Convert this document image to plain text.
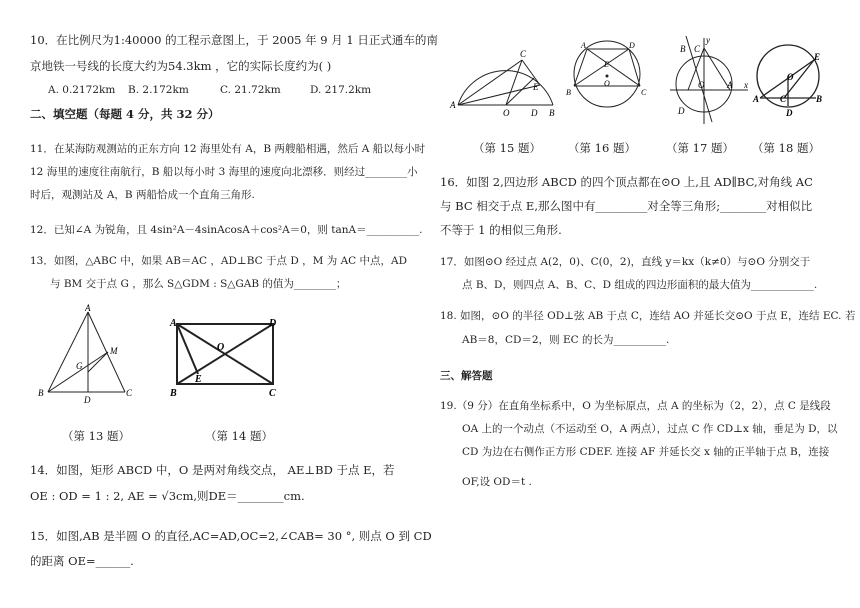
10．在比例尺为1:40000 的工程示意图上，于 2005 年 9 月 1 日正式通车的南
京地铁一号线的长度大约为54.3km ，它的实际长度约为( )
A. 0.2172km B. 2.172km	C. 21.72km	D. 217.2km
二、填空题（每题 4 分，共 32 分）
11．在某海防观测站的正东方向 12 海里处有 A，B 两艘船相遇，然后 A 船以每小时
12 海里的速度往南航行，B 船以每小时 3 海里的速度向北漂移．则经过________小
时后，观测站及 A，B 两船恰成一个直角三角形.
12．已知∠A 为锐角，且 4sin²A－4sinAcosA＋cos²A＝0，则 tanA＝__________.
13．如图，△ABC 中，如果 AB＝AC ，AD⊥BC 于点 D ，M 为 AC 中点，AD
与 BM 交于点 G ，那么 S△GDM : S△GAB 的值为________；
A
M
G
B
D
C
A	D
O
E
B	C
（第 13 题）	（第 14 题）
14．如图，矩形 ABCD 中，O 是两对角线交点， AE⊥BD 于点 E，若
OE : OD = 1 : 2, AE = √3cm,则DE＝________cm.
15．如图,AB 是半圆 O 的直径,AC=AD,OC=2,∠CAB= 30 °, 则点 O 到 CD
的距离 OE=______.
C
E
A
O D B
A	D
E
O
B	C
y
C
B
O	A x
D
E
O
A C	B
D
（第 15 题） （第 16 题）	（第 17 题） （第 18 题）
16．如图 2,四边形 ABCD 的四个顶点都在⊙O 上,且 AD∥BC,对角线 AC
与 BC 相交于点 E,那么图中有_________对全等三角形;________对相似比
不等于 1 的相似三角形.
17．如图⊙O 经过点 A(2，0)、C(0，2)，直线 y＝kx（k≠0）与⊙O 分别交于
点 B、D，则四点 A、B、C、D 组成的四边形面积的最大值为____________.
18. 如图，⊙O 的半径 OD⊥弦 AB 于点 C，连结 AO 并延长交⊙O 于点 E，连结 EC. 若
AB＝8，CD＝2，则 EC 的长为__________.
三、解答题
19.（9 分）在直角坐标系中，O 为坐标原点，点 A 的坐标为（2，2），点 C 是线段
OA 上的一个动点（不运动至 O，A 两点），过点 C 作 CD⊥x 轴，垂足为 D，以
CD 为边在右侧作正方形 CDEF. 连接 AF 并延长交 x 轴的正半轴于点 B，连接
OF,设 OD＝t .
